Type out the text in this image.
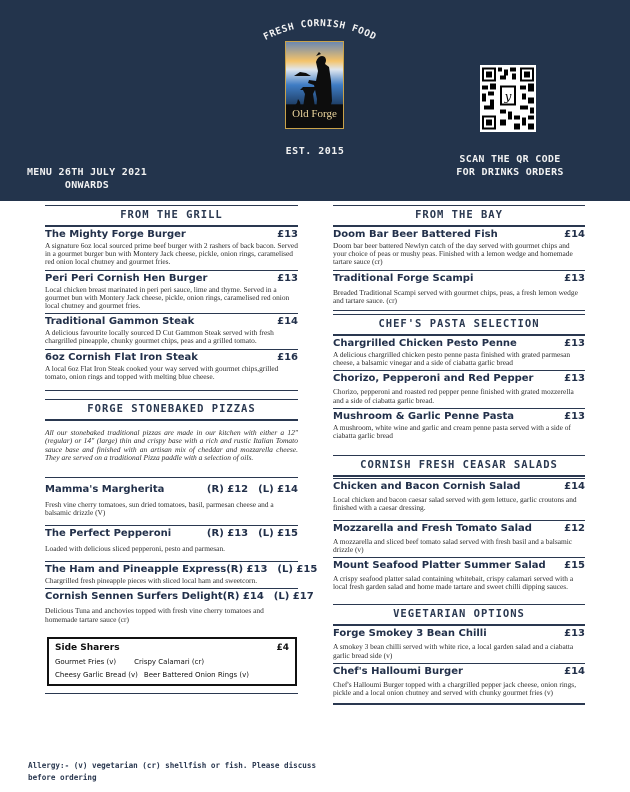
FRESH CORNISH FOOD
Old Forge
EST. 2015
MENU 26TH JULY 2021
ONWARDS
y
SCAN THE QR CODE
FOR DRINKS ORDERS
FROM THE GRILL
The Mighty Forge Burger	£13
A signature 6oz local sourced prime beef burger with 2 rashers of back bacon. Served in a gourmet burger bun with Montery Jack cheese, pickle, onion rings, caramelised red onion local chutney and gourmet fries.
Peri Peri Cornish Hen Burger	£13
Local chicken breast marinated in peri peri sauce, lime and thyme. Served in a gourmet bun with Montery Jack cheese, pickle, onion rings, caramelised red onion local chutney and gourmet fries.
Traditional Gammon Steak	£14
A delicious favourite locally sourced D Cut Gammon Steak served with fresh chargrilled pineapple, chunky gourmet chips, peas and a grilled tomato.
6oz Cornish Flat Iron Steak	£16
A local 6oz Flat Iron Steak cooked your way served with gourmet chips,grilled tomato, onion rings and topped with melting blue cheese.
FORGE STONEBAKED PIZZAS
All our stonebaked traditional pizzas are made in our kitchen with either a 12" (regular) or 14" (large) thin and crispy base with a rich and rustic Italian Tomato sauce base and finished with an artisan mix of cheddar and mozzarella cheese. They are served on a traditional Pizza paddle with a selection of oils.
Mamma's Margherita	(R) £12 (L) £14
Fresh vine cherry tomatoes, sun dried tomatoes, basil, parmesan cheese and a balsamic drizzle (V)
The Perfect Pepperoni	(R) £13 (L) £15
Loaded with delicious sliced pepperoni, pesto and parmesan.
The Ham and Pineapple Express (R) £13 (L) £15
Chargrilled fresh pineapple pieces with sliced local ham and sweetcorn.
Cornish Sennen Surfers Delight (R) £14 (L) £17
Delicious Tuna and anchovies topped with fresh vine cherry tomatoes and homemade tartare sauce (cr)
Side Sharers	£4
Gourmet Fries (v)	Crispy Calamari (cr)
Cheesy Garlic Bread (v) Beer Battered Onion Rings (v)
Allergy:- (v) vegetarian (cr) shellfish or fish. Please discuss before ordering
FROM THE BAY
Doom Bar Beer Battered Fish	£14
Doom bar beer battered Newlyn catch of the day served with gourmet chips and your choice of peas or mushy peas. Finished with a lemon wedge and homemade tartare sauce (cr)
Traditional Forge Scampi	£13
Breaded Traditional Scampi served with gourmet chips, peas, a fresh lemon wedge and tartare sauce. (cr)
CHEF'S PASTA SELECTION
Chargrilled Chicken Pesto Penne	£13
A delicious chargrilled chicken pesto penne pasta finished with grated parmesan cheese, a balsamic vinegar and a side of ciabatta garlic bread
Chorizo, Pepperoni and Red Pepper	£13
Chorizo, pepperoni and roasted red pepper penne finished with grated mozzerella and a side of ciabatta garlic bread.
Mushroom & Garlic Penne Pasta	£13
A mushroom, white wine and garlic and cream penne pasta served with a side of ciabatta garlic bread
CORNISH FRESH CEASAR SALADS
Chicken and Bacon Cornish Salad	£14
Local chicken and bacon caesar salad served with gem lettuce, garlic croutons and finished with a caesar dressing.
Mozzarella and Fresh Tomato Salad	£12
A mozzarella and sliced beef tomato salad served with fresh basil and a balsamic drizzle (v)
Mount Seafood Platter Summer Salad £15
A crispy seafood platter salad containing whitebait, crispy calamari served with a local fresh garden salad and home made tartare and sweet chilli dipping sauces.
VEGETARIAN OPTIONS
Forge Smokey 3 Bean Chilli	£13
A smokey 3 bean chilli served with white rice, a local garden salad and a ciabatta garlic bread side (v)
Chef's Halloumi Burger	£14
Chef's Halloumi Burger topped with a chargrilled pepper jack cheese, onion rings, pickle and a local onion chutney and served with chunky gourmet fries (v)
